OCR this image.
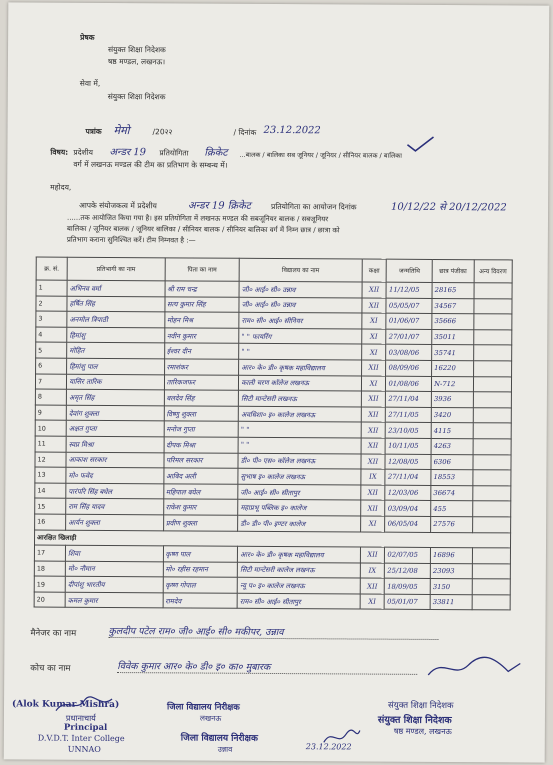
प्रेषक
संयुक्त शिक्षा निदेशक
षष्ठ मण्डल, लखनऊ।
सेवा में,
संयुक्त शिक्षा निदेशक
पत्रांक मेमो	/20२२	/ दिनांक 23.12.2022
विषय: प्रदेशीय अन्डर 19 प्रतियोगिता क्रिकेट ...बालक / बालिका सब जूनियर / जूनियर / सीनियर बालक / बालिका
वर्ग में लखनऊ मण्डल की टीम का प्रतिभाग के सम्बन्ध में।
महोदय,
आपके संयोजकत्व में प्रदेशीय	अन्डर 19 क्रिकेट	प्रतियोगिता का आयोजन दिनांक	10/12/22 से 20/12/2022
......तक आयोजित किया गया है। इस प्रतियोगिता में लखनऊ मण्डल की सबजूनियर बालक / सबजूनियर
बालिका / जूनियर बालक / जूनियर बालिका / सीनियर बालक / सीनियर बालिका वर्ग में निम्न छात्र / छात्रा को
प्रतिभाग कराना सुनिश्चित करें। टीम निम्नवत है :—
क्र. सं.	प्रतिभागी का नाम	पिता का नाम	विद्यालय का नाम	कक्षा	जन्मतिथि	छात्र पंजीका	अन्य विवरण
1	अभिनव वर्मा	श्री राम चन्द्र	जी० आई० सी० उन्नाव	XII	11/12/05	28165	
2	हर्षित सिंह	सत्य कुमार सिंह	जी० आई० सी० उन्नाव	XII	05/05/07	34567	
3	अनमोल त्रिपाठी	मोहन मिश्र	राम० सी० आई० सीनियर	XI	01/06/07	35666	
4	हिमांशु	नवीन कुमार	" " फायरिंग	XI	27/01/07	35011	
5	मोहित	ईश्वर दीन	" "	XI	03/08/06	35741	
6	हिमांशु पाल	रमाशंकर	आर० के० डी० कृषक महाविद्यालय	XII	08/09/06	16220	
7	यासिर तारिक	तारिकजफर	काली चरण कॉलेज लखनऊ	XI	01/08/06	N-712	
8	अमृत सिंह	बलदेव सिंह	सिटी मान्टेसरी लखनऊ	XII	27/11/04	3936	
9	देवांग शुक्ला	विष्णु शुक्ला	अवधिशा० इ० कालेज लखनऊ	XII	27/11/05	3420	
10	अक्षत गुप्ता	मनोज गुप्ता	" "	XII	23/10/05	4115	
11	स्वप्न मिश्रा	दीपक मिश्रा	" "	XII	10/11/05	4263	
12	आकाश सरकार	परिमल सरकार	डी० पी० एस० कॉलेज लखनऊ	XII	12/08/05	6306	
13	मो० फवेद	आबिद अली	सुभाष इ० कालेज लखनऊ	IX	27/11/04	18553	
14	पारंपरि सिंह बघेल	महिपाल बघेल	जी० आई० सी० सीतापुर	XII	12/03/06	36674	
15	राम सिंह यादव	राकेश कुमार	महाप्रभू पब्लिक इ० कालेज	XII	03/09/04	455	
16	आर्यन शुक्ला	प्रवीण शुक्ला	डी० डी० पी० इण्टर कालेज	XI	06/05/04	27576	
आरक्षित खिलाड़ी							
17	शिवा	कृष्ण पाल	आर० के० डी० कृषक महाविद्यालय	XII	02/07/05	16896	
18	मो० नौमान	मो० रहीस रहमान	सिटी मान्टेसरी कालेज लखनऊ	IX	25/12/08	23093	
19	दीपांशु भारतीय	कृष्ण गोपाल	न्यू प० इ० कालेज लखनऊ	XII	18/09/05	3150	
20	कमल कुमार	रामदेव	राम० सी० आई० सीतापुर	XI	05/01/07	33811	
मैनेजर का नाम	कुलदीप पटेल राम० जी० आई० सी० मकीपर, उन्नाव
कोच का नाम	विवेक कुमार आर० के० डी० इ० का० मुबारक
(Alok Kumar Mishra)
प्रधानाचार्य
Principal
D.V.D.T. Inter College
UNNAO
जिला विद्यालय निरीक्षक
लखनऊ
जिला विद्यालय निरीक्षक
उन्नाव
संयुक्त शिक्षा निदेशक
संयुक्त शिक्षा निदेशक
षष्ठ मण्डल, लखनऊ
23.12.2022
